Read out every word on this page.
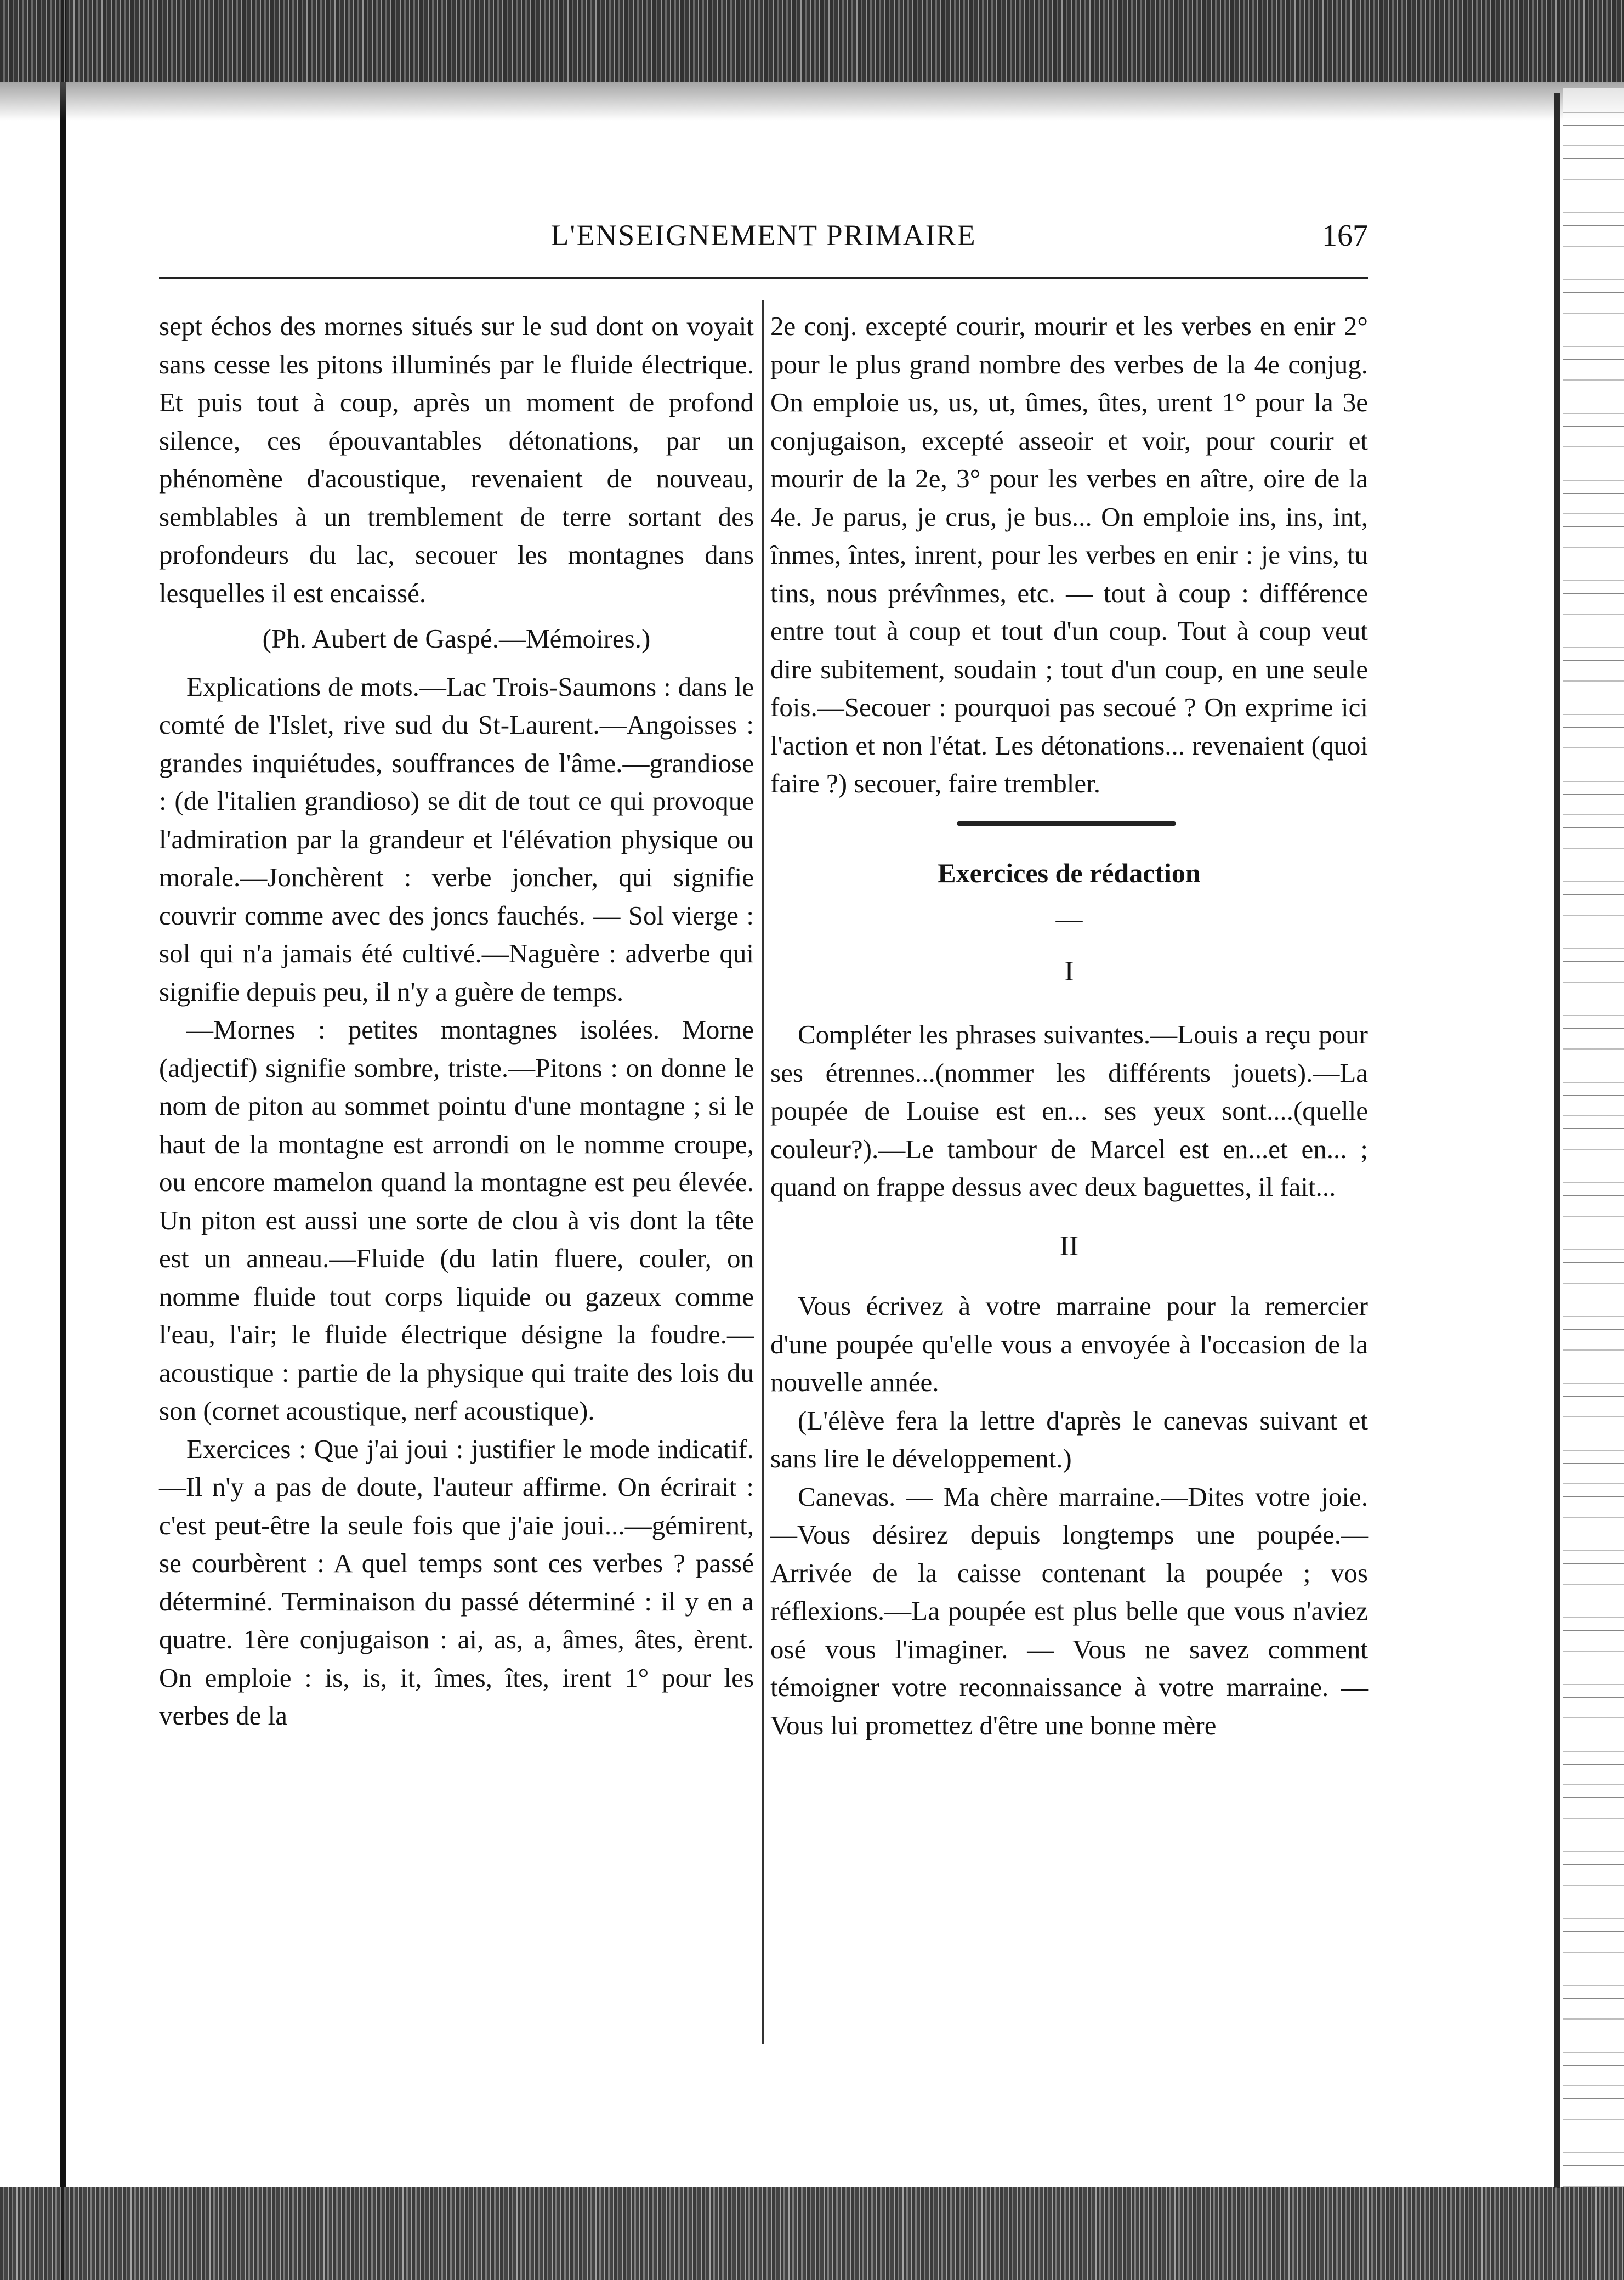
L'ENSEIGNEMENT PRIMAIRE	167

sept échos des mornes situés sur le sud dont on voyait sans cesse les pitons illuminés par le fluide électrique. Et puis tout à coup, après un moment de profond silence, ces épouvantables détonations, par un phénomène d'acoustique, revenaient de nouveau, semblables à un tremblement de terre sortant des profondeurs du lac, secouer les montagnes dans lesquelles il est encaissé.

(Ph. Aubert de Gaspé.—Mémoires.)

Explications de mots.—Lac Trois-Saumons : dans le comté de l'Islet, rive sud du St-Laurent.—Angoisses : grandes inquiétudes, souffrances de l'âme.—grandiose : (de l'italien grandioso) se dit de tout ce qui provoque l'admiration par la grandeur et l'élévation physique ou morale.—Jonchèrent : verbe joncher, qui signifie couvrir comme avec des joncs fauchés. — Sol vierge : sol qui n'a jamais été cultivé.—Naguère : adverbe qui signifie depuis peu, il n'y a guère de temps.

—Mornes : petites montagnes isolées. Morne (adjectif) signifie sombre, triste.—Pitons : on donne le nom de piton au sommet pointu d'une montagne ; si le haut de la montagne est arrondi on le nomme croupe, ou encore mamelon quand la montagne est peu élevée. Un piton est aussi une sorte de clou à vis dont la tête est un anneau.—Fluide (du latin fluere, couler, on nomme fluide tout corps liquide ou gazeux comme l'eau, l'air; le fluide électrique désigne la foudre.—acoustique : partie de la physique qui traite des lois du son (cornet acoustique, nerf acoustique).

Exercices : Que j'ai joui : justifier le mode indicatif.—Il n'y a pas de doute, l'auteur affirme. On écrirait : c'est peut-être la seule fois que j'aie joui...—gémirent, se courbèrent : A quel temps sont ces verbes ? passé déterminé. Terminaison du passé déterminé : il y en a quatre. 1ère conjugaison : ai, as, a, âmes, âtes, èrent. On emploie : is, is, it, îmes, îtes, irent 1° pour les verbes de la

2e conj. excepté courir, mourir et les verbes en enir 2° pour le plus grand nombre des verbes de la 4e conjug. On emploie us, us, ut, ûmes, ûtes, urent 1° pour la 3e conjugaison, excepté asseoir et voir, pour courir et mourir de la 2e, 3° pour les verbes en aître, oire de la 4e. Je parus, je crus, je bus... On emploie ins, ins, int, înmes, întes, inrent, pour les verbes en enir : je vins, tu tins, nous prévînmes, etc. — tout à coup : différence entre tout à coup et tout d'un coup. Tout à coup veut dire subitement, soudain ; tout d'un coup, en une seule fois.—Secouer : pourquoi pas secoué ? On exprime ici l'action et non l'état. Les détonations... revenaient (quoi faire ?) secouer, faire trembler.

Exercices de rédaction

—

I

Compléter les phrases suivantes.—Louis a reçu pour ses étrennes...(nommer les différents jouets).—La poupée de Louise est en... ses yeux sont....(quelle couleur?).—Le tambour de Marcel est en...et en... ; quand on frappe dessus avec deux baguettes, il fait...

II

Vous écrivez à votre marraine pour la remercier d'une poupée qu'elle vous a envoyée à l'occasion de la nouvelle année.

(L'élève fera la lettre d'après le canevas suivant et sans lire le développement.)

Canevas. — Ma chère marraine.—Dites votre joie.—Vous désirez depuis longtemps une poupée.—Arrivée de la caisse contenant la poupée ; vos réflexions.—La poupée est plus belle que vous n'aviez osé vous l'imaginer. — Vous ne savez comment témoigner votre reconnaissance à votre marraine. — Vous lui promettez d'être une bonne mère
